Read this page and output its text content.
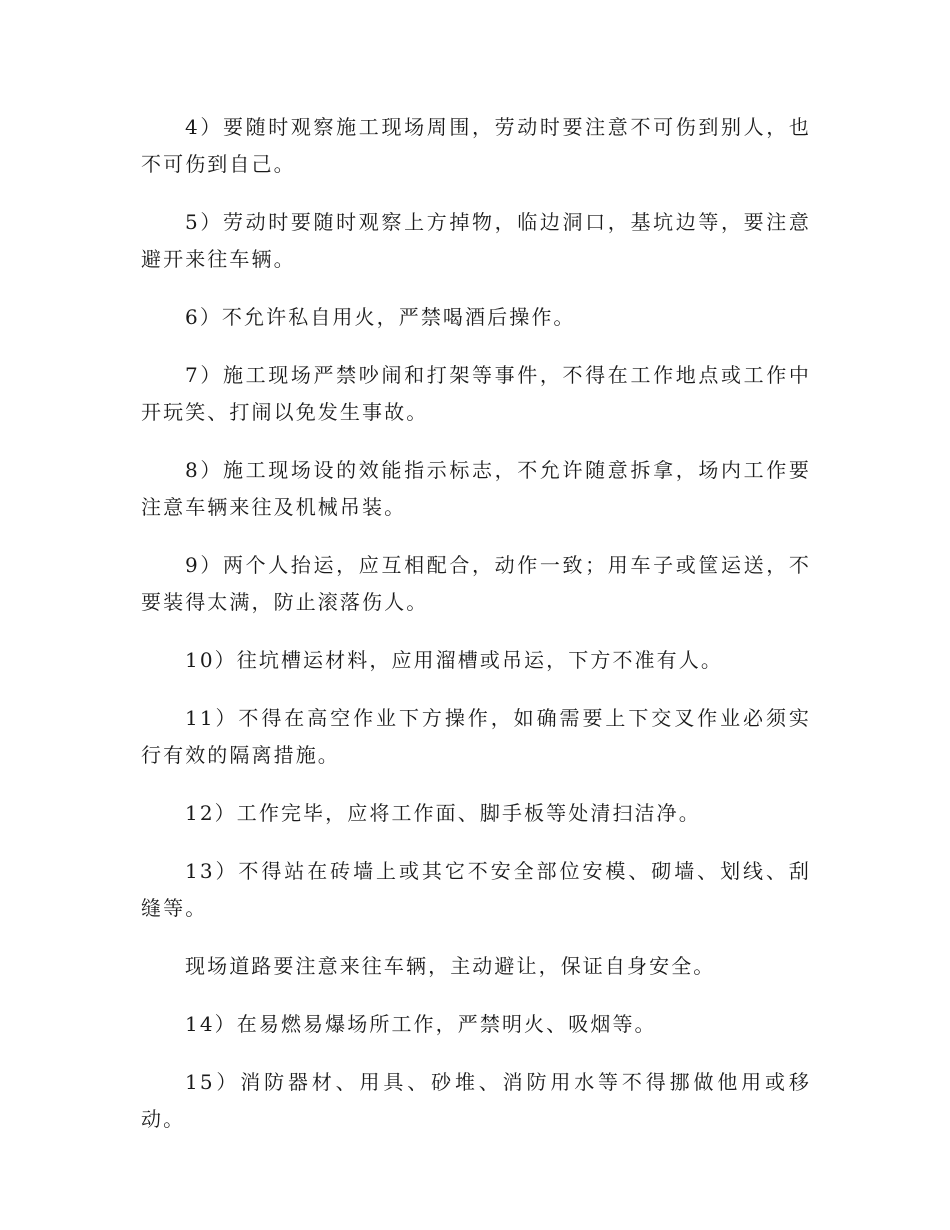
4）要随时观察施工现场周围，劳动时要注意不可伤到别人，也不可伤到自己。

5）劳动时要随时观察上方掉物，临边洞口，基坑边等，要注意避开来往车辆。

6）不允许私自用火，严禁喝酒后操作。

7）施工现场严禁吵闹和打架等事件，不得在工作地点或工作中开玩笑、打闹以免发生事故。

8）施工现场设的效能指示标志，不允许随意拆拿，场内工作要注意车辆来往及机械吊装。

9）两个人抬运，应互相配合，动作一致；用车子或筐运送，不要装得太满，防止滚落伤人。

10）往坑槽运材料，应用溜槽或吊运，下方不准有人。

11）不得在高空作业下方操作，如确需要上下交叉作业必须实行有效的隔离措施。

12）工作完毕，应将工作面、脚手板等处清扫洁净。

13）不得站在砖墙上或其它不安全部位安模、砌墙、划线、刮缝等。

现场道路要注意来往车辆，主动避让，保证自身安全。

14）在易燃易爆场所工作，严禁明火、吸烟等。

15）消防器材、用具、砂堆、消防用水等不得挪做他用或移动。
